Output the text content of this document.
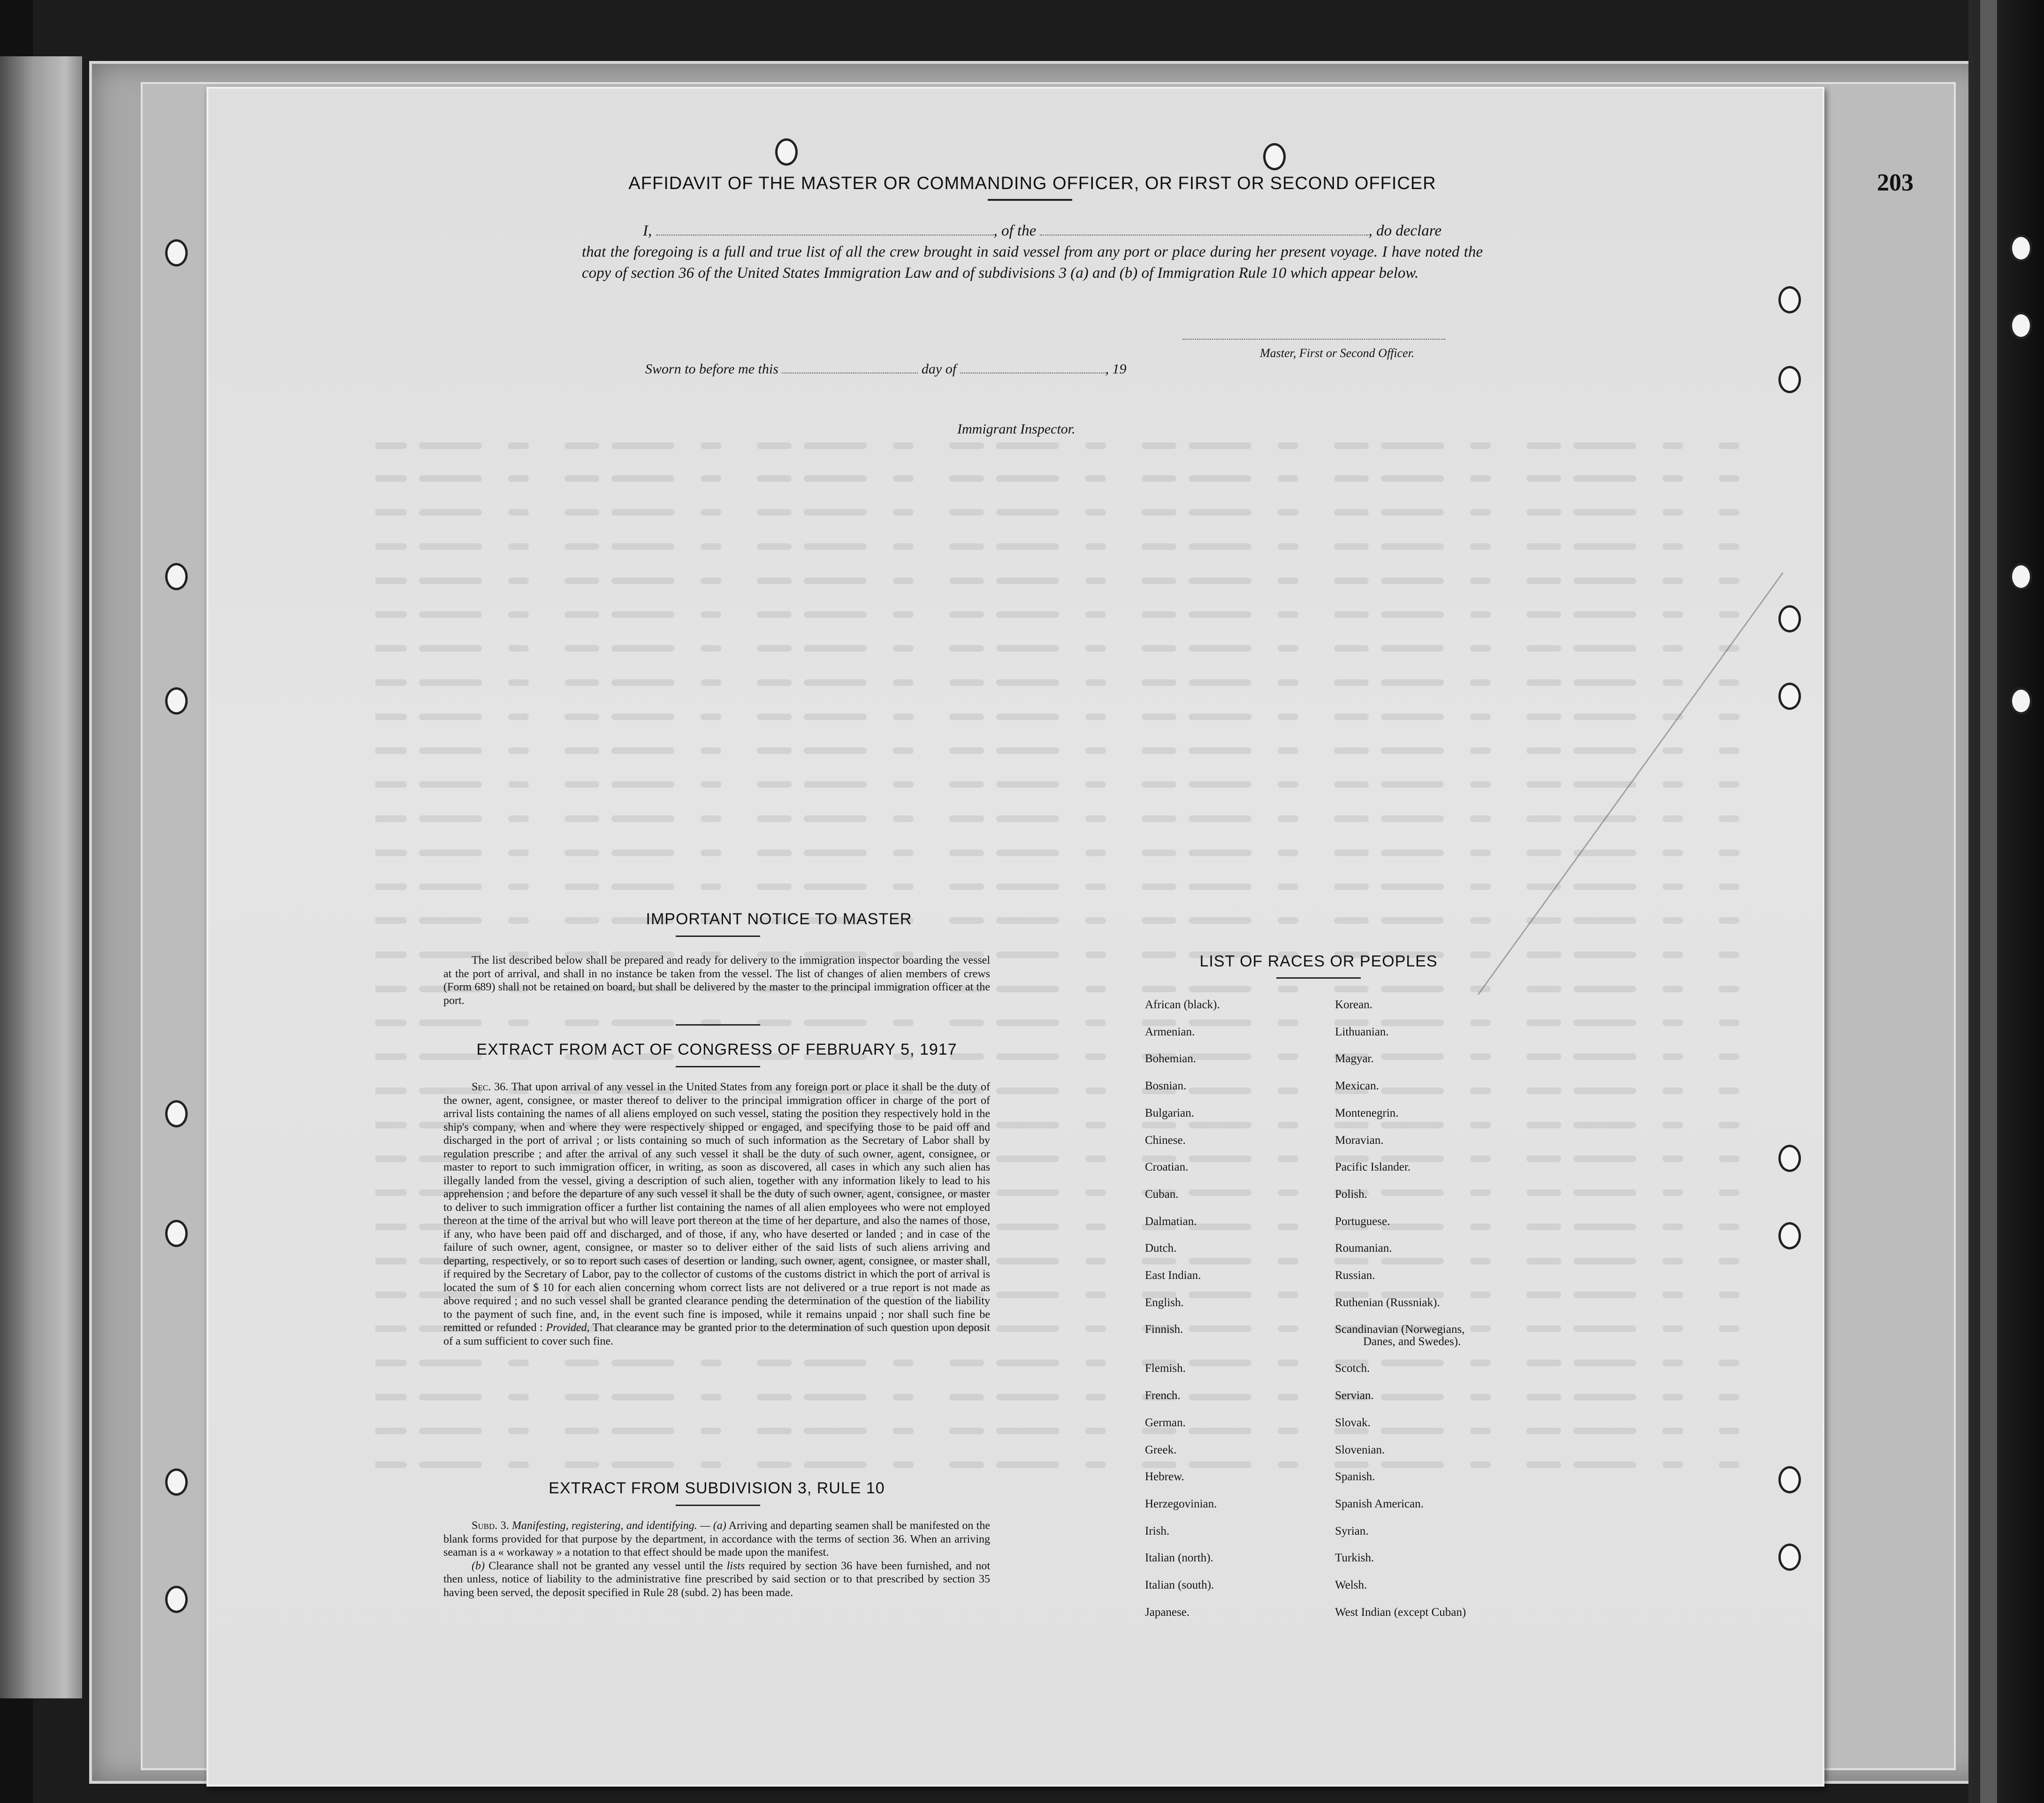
203
AFFIDAVIT OF THE MASTER OR COMMANDING OFFICER, OR FIRST OR SECOND OFFICER
I,	, of the	, do declare
that the foregoing is a full and true list of all the crew brought in said vessel from any port or place during her present voyage. I have noted the copy of section 36 of the United States Immigration Law and of subdivisions 3 (a) and (b) of Immigration Rule 10 which appear below.
Master, First or Second Officer.
Sworn to before me this	day of	, 19
Immigrant Inspector.
IMPORTANT NOTICE TO MASTER

The list described below shall be prepared and ready for delivery to the immigration inspector boarding the vessel at the port of arrival, and shall in no instance be taken from the vessel. The list of changes of alien members of crews (Form 689) shall not be retained on board, but shall be delivered by the master to the principal immigration officer at the port.

EXTRACT FROM ACT OF CONGRESS OF FEBRUARY 5, 1917

Sec. 36. That upon arrival of any vessel in the United States from any foreign port or place it shall be the duty of the owner, agent, consignee, or master thereof to deliver to the principal immigration officer in charge of the port of arrival lists containing the names of all aliens employed on such vessel, stating the position they respectively hold in the ship's company, when and where they were respectively shipped or engaged, and specifying those to be paid off and discharged in the port of arrival ; or lists containing so much of such information as the Secretary of Labor shall by regulation prescribe ; and after the arrival of any such vessel it shall be the duty of such owner, agent, consignee, or master to report to such immigration officer, in writing, as soon as discovered, all cases in which any such alien has illegally landed from the vessel, giving a description of such alien, together with any information likely to lead to his apprehension ; and before the departure of any such vessel it shall be the duty of such owner, agent, consignee, or master to deliver to such immigration officer a further list containing the names of all alien employees who were not employed thereon at the time of the arrival but who will leave port thereon at the time of her departure, and also the names of those, if any, who have been paid off and discharged, and of those, if any, who have deserted or landed ; and in case of the failure of such owner, agent, consignee, or master so to deliver either of the said lists of such aliens arriving and departing, respectively, or so to report such cases of desertion or landing, such owner, agent, consignee, or master shall, if required by the Secretary of Labor, pay to the collector of customs of the customs district in which the port of arrival is located the sum of $ 10 for each alien concerning whom correct lists are not delivered or a true report is not made as above required ; and no such vessel shall be granted clearance pending the determination of the question of the liability to the payment of such fine, and, in the event such fine is imposed, while it remains unpaid ; nor shall such fine be remitted or refunded : Provided, That clearance may be granted prior to the determination of such question upon deposit of a sum sufficient to cover such fine.

EXTRACT FROM SUBDIVISION 3, RULE 10

Subd. 3. Manifesting, registering, and identifying. — (a) Arriving and departing seamen shall be manifested on the blank forms provided for that purpose by the department, in accordance with the terms of section 36. When an arriving seaman is a « workaway » a notation to that effect should be made upon the manifest.

(b) Clearance shall not be granted any vessel until the lists required by section 36 have been furnished, and not then unless, notice of liability to the administrative fine prescribed by said section or to that prescribed by section 35 having been served, the deposit specified in Rule 28 (subd. 2) has been made.

LIST OF RACES OR PEOPLES
African (black).
Armenian.
Bohemian.
Bosnian.
Bulgarian.
Chinese.
Croatian.
Cuban.
Dalmatian.
Dutch.
East Indian.
English.
Finnish.

Flemish.
French.
German.
Greek.
Hebrew.
Herzegovinian.
Irish.
Italian (north).
Italian (south).
Japanese.
Korean.
Lithuanian.
Magyar.
Mexican.
Montenegrin.
Moravian.
Pacific Islander.
Polish.
Portuguese.
Roumanian.
Russian.
Ruthenian (Russniak).
Scandinavian (Norwegians,
Danes, and Swedes).
Scotch.
Servian.
Slovak.
Slovenian.
Spanish.
Spanish American.
Syrian.
Turkish.
Welsh.
West Indian (except Cuban)
